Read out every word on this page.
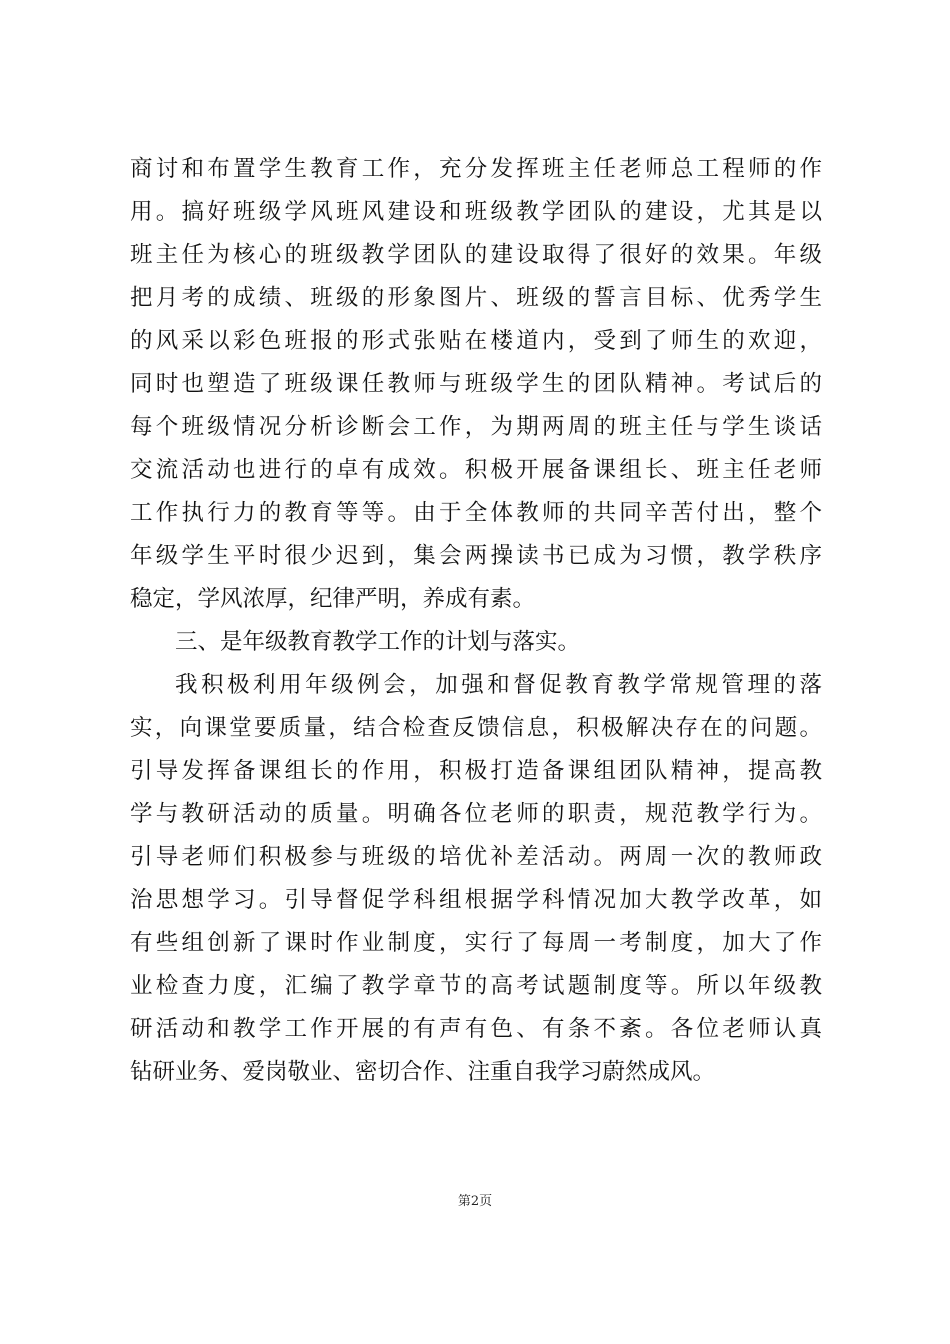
商讨和布置学生教育工作，充分发挥班主任老师总工程师的作
用。搞好班级学风班风建设和班级教学团队的建设，尤其是以
班主任为核心的班级教学团队的建设取得了很好的效果。年级
把月考的成绩、班级的形象图片、班级的誓言目标、优秀学生
的风采以彩色班报的形式张贴在楼道内，受到了师生的欢迎，
同时也塑造了班级课任教师与班级学生的团队精神。考试后的
每个班级情况分析诊断会工作，为期两周的班主任与学生谈话
交流活动也进行的卓有成效。积极开展备课组长、班主任老师
工作执行力的教育等等。由于全体教师的共同辛苦付出，整个
年级学生平时很少迟到，集会两操读书已成为习惯，教学秩序
稳定，学风浓厚，纪律严明，养成有素。
三、是年级教育教学工作的计划与落实。
我积极利用年级例会，加强和督促教育教学常规管理的落
实，向课堂要质量，结合检查反馈信息，积极解决存在的问题。
引导发挥备课组长的作用，积极打造备课组团队精神，提高教
学与教研活动的质量。明确各位老师的职责，规范教学行为。
引导老师们积极参与班级的培优补差活动。两周一次的教师政
治思想学习。引导督促学科组根据学科情况加大教学改革，如
有些组创新了课时作业制度，实行了每周一考制度，加大了作
业检查力度，汇编了教学章节的高考试题制度等。所以年级教
研活动和教学工作开展的有声有色、有条不紊。各位老师认真
钻研业务、爱岗敬业、密切合作、注重自我学习蔚然成风。
第2页
